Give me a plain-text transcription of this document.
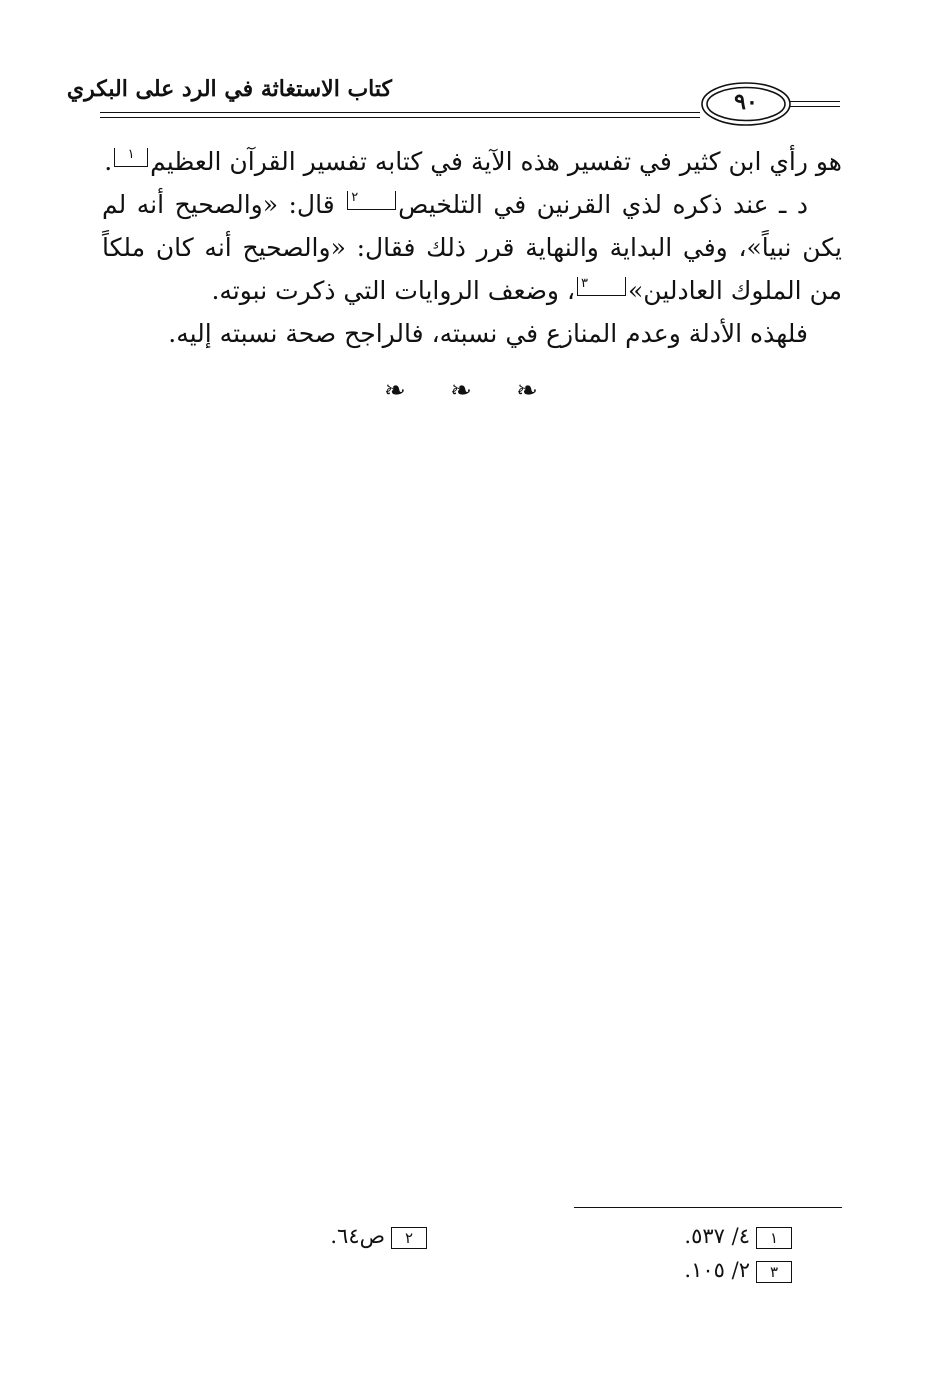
كتاب الاستغاثة في الرد على البكري	٩٠

هو رأي ابن كثير في تفسير هذه الآية في كتابه تفسير القرآن العظيم١.

د ـ عند ذكره لذي القرنين في التلخيص٢ قال: «والصحيح أنه لم يكن نبياً»، وفي البداية والنهاية قرر ذلك فقال: «والصحيح أنه كان ملكاً من الملوك العادلين»٣، وضعف الروايات التي ذكرت نبوته.

فلهذه الأدلة وعدم المنازع في نسبته، فالراجح صحة نسبته إليه.

❧ ❧ ❧
١٤/ ٥٣٧.
٢ص٦٤.
٣٢/ ١٠٥.
